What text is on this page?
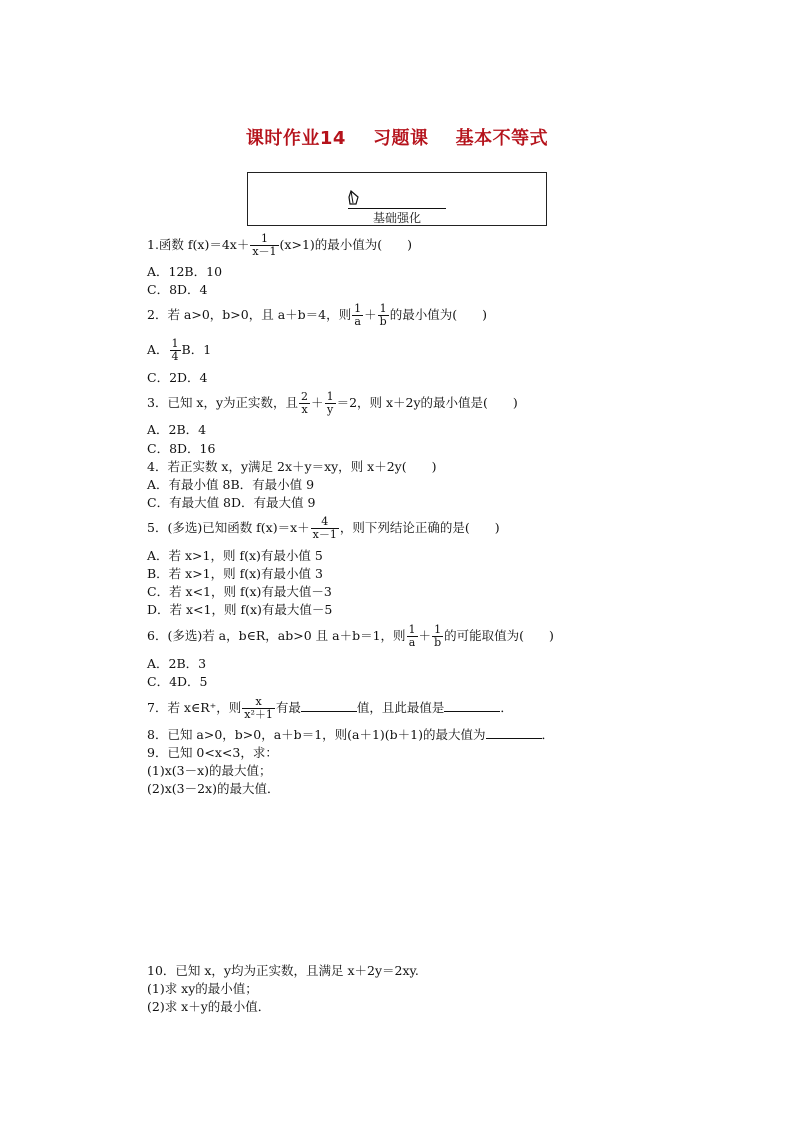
课时作业14 习题课 基本不等式
基础强化
1.函数 $f(x)=4x+ \frac{1}{x-1} (x>1)$的最小值为(　　)
A．12B．10
C．8D．4
2．若 a>0，b>0，且 a＋b＝4，则 $\frac{1}{a} + \frac{1}{b}$ 的最小值为(　　)
A． $\frac{1}{4}$ B．1
C．2D．4
3．已知 x，y为正实数，且 $\frac{2}{x} + \frac{1}{y} =2$，则 x＋2y的最小值是(　　)
A．2B．4
C．8D．16
4．若正实数 x，y满足 2x＋y＝xy，则 x＋2y(　　)
A．有最小值 8B．有最小值 9
C．有最大值 8D．有最大值 9
5．(多选)已知函数 $f(x)=x+ \frac{4}{x-1}$ ，则下列结论正确的是(　　)
A．若 x>1，则 f(x)有最小值 5
B．若 x>1，则 f(x)有最小值 3
C．若 x<1，则 f(x)有最大值－3
D．若 x<1，则 f(x)有最大值－5
6．(多选)若 a，b∈R，ab>0 且 a＋b＝1，则 $\frac{1}{a} + \frac{1}{b}$ 的可能取值为(　　)
A．2B．3
C．4D．5
7．若 x∈R⁺，则 $\frac{x}{\text{x²＋1}}$ 有最	值，且此最值是	．
8．已知 a>0，b>0，a＋b＝1，则(a＋1)(b＋1)的最大值为	．
9．已知 0<x<3，求：
(1)x(3－x)的最大值；
(2)x(3－2x)的最大值．
10．已知 x，y均为正实数，且满足 x＋2y＝2xy.
(1)求 xy的最小值；
(2)求 x＋y的最小值．
